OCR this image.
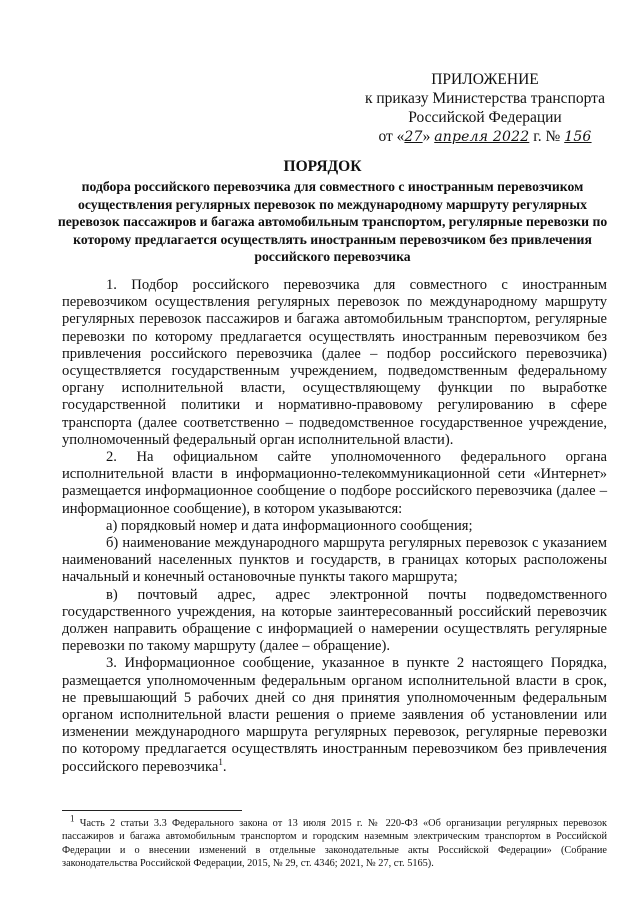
ПРИЛОЖЕНИЕ
к приказу Министерства транспорта
Российской Федерации
от «27» апреля 2022 г. № 156
ПОРЯДОК
подбора российского перевозчика для совместного с иностранным перевозчиком осуществления регулярных перевозок по международному маршруту регулярных перевозок пассажиров и багажа автомобильным транспортом, регулярные перевозки по которому предлагается осуществлять иностранным перевозчиком без привлечения российского перевозчика

1. Подбор российского перевозчика для совместного с иностранным перевозчиком осуществления регулярных перевозок по международному маршруту регулярных перевозок пассажиров и багажа автомобильным транспортом, регулярные перевозки по которому предлагается осуществлять иностранным перевозчиком без привлечения российского перевозчика (далее – подбор российского перевозчика) осуществляется государственным учреждением, подведомственным федеральному органу исполнительной власти, осуществляющему функции по выработке государственной политики и нормативно-правовому регулированию в сфере транспорта (далее соответственно – подведомственное государственное учреждение, уполномоченный федеральный орган исполнительной власти).

2. На официальном сайте уполномоченного федерального органа исполнительной власти в информационно-телекоммуникационной сети «Интернет» размещается информационное сообщение о подборе российского перевозчика (далее – информационное сообщение), в котором указываются:

а) порядковый номер и дата информационного сообщения;

б) наименование международного маршрута регулярных перевозок с указанием наименований населенных пунктов и государств, в границах которых расположены начальный и конечный остановочные пункты такого маршрута;

в) почтовый адрес, адрес электронной почты подведомственного государственного учреждения, на которые заинтересованный российский перевозчик должен направить обращение с информацией о намерении осуществлять регулярные перевозки по такому маршруту (далее – обращение).

3. Информационное сообщение, указанное в пункте 2 настоящего Порядка, размещается уполномоченным федеральным органом исполнительной власти в срок, не превышающий 5 рабочих дней со дня принятия уполномоченным федеральным органом исполнительной власти решения о приеме заявления об установлении или изменении международного маршрута регулярных перевозок, регулярные перевозки по которому предлагается осуществлять иностранным перевозчиком без привлечения российского перевозчика$^1$.

$^1$ Часть 2 статьи 3.3 Федерального закона от 13 июля 2015 г. № 220-ФЗ «Об организации регулярных перевозок пассажиров и багажа автомобильным транспортом и городским наземным электрическим транспортом в Российской Федерации и о внесении изменений в отдельные законодательные акты Российской Федерации» (Собрание законодательства Российской Федерации, 2015, № 29, ст. 4346; 2021, № 27, ст. 5165).
